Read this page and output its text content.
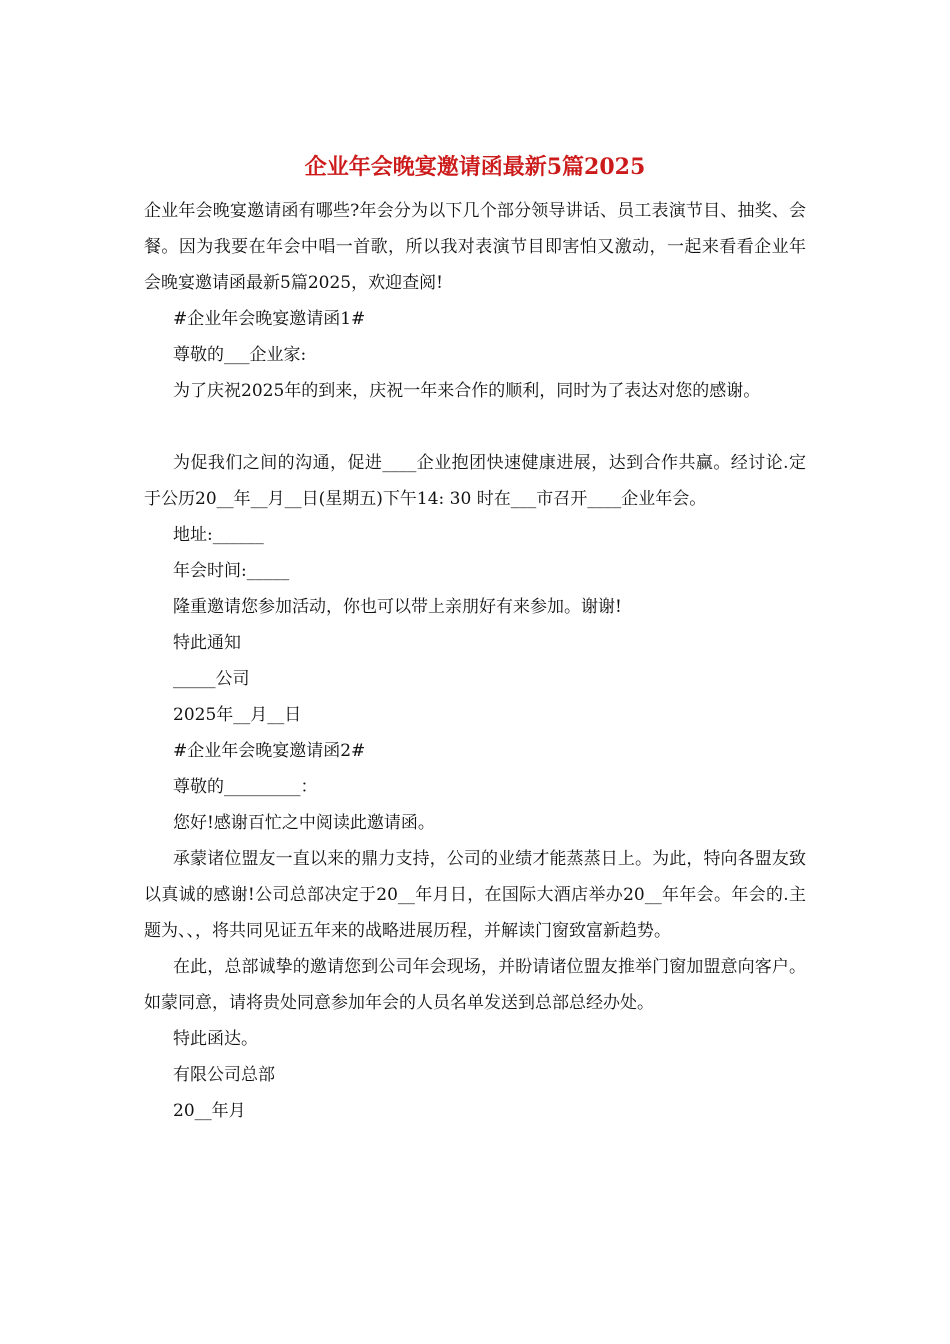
企业年会晚宴邀请函最新5篇2025

企业年会晚宴邀请函有哪些?年会分为以下几个部分领导讲话、员工表演节目、抽奖、会餐。因为我要在年会中唱一首歌，所以我对表演节目即害怕又激动，一起来看看企业年会晚宴邀请函最新5篇2025，欢迎查阅!

#企业年会晚宴邀请函1#

尊敬的___企业家:

为了庆祝2025年的到来，庆祝一年来合作的顺利，同时为了表达对您的感谢。

为促我们之间的沟通，促进____企业抱团快速健康进展，达到合作共赢。经讨论.定于公历20__年__月__日(星期五)下午14: 30 时在___市召开____企业年会。

地址:______

年会时间:_____

隆重邀请您参加活动，你也可以带上亲朋好有来参加。谢谢!

特此通知

_____公司

2025年__月__日

#企业年会晚宴邀请函2#

尊敬的_________：

您好!感谢百忙之中阅读此邀请函。

承蒙诸位盟友一直以来的鼎力支持，公司的业绩才能蒸蒸日上。为此，特向各盟友致以真诚的感谢!公司总部决定于20__年月日，在国际大酒店举办20__年年会。年会的.主题为、、，将共同见证五年来的战略进展历程，并解读门窗致富新趋势。

在此，总部诚挚的邀请您到公司年会现场，并盼请诸位盟友推举门窗加盟意向客户。如蒙同意，请将贵处同意参加年会的人员名单发送到总部总经办处。

特此函达。

有限公司总部

20__年月
